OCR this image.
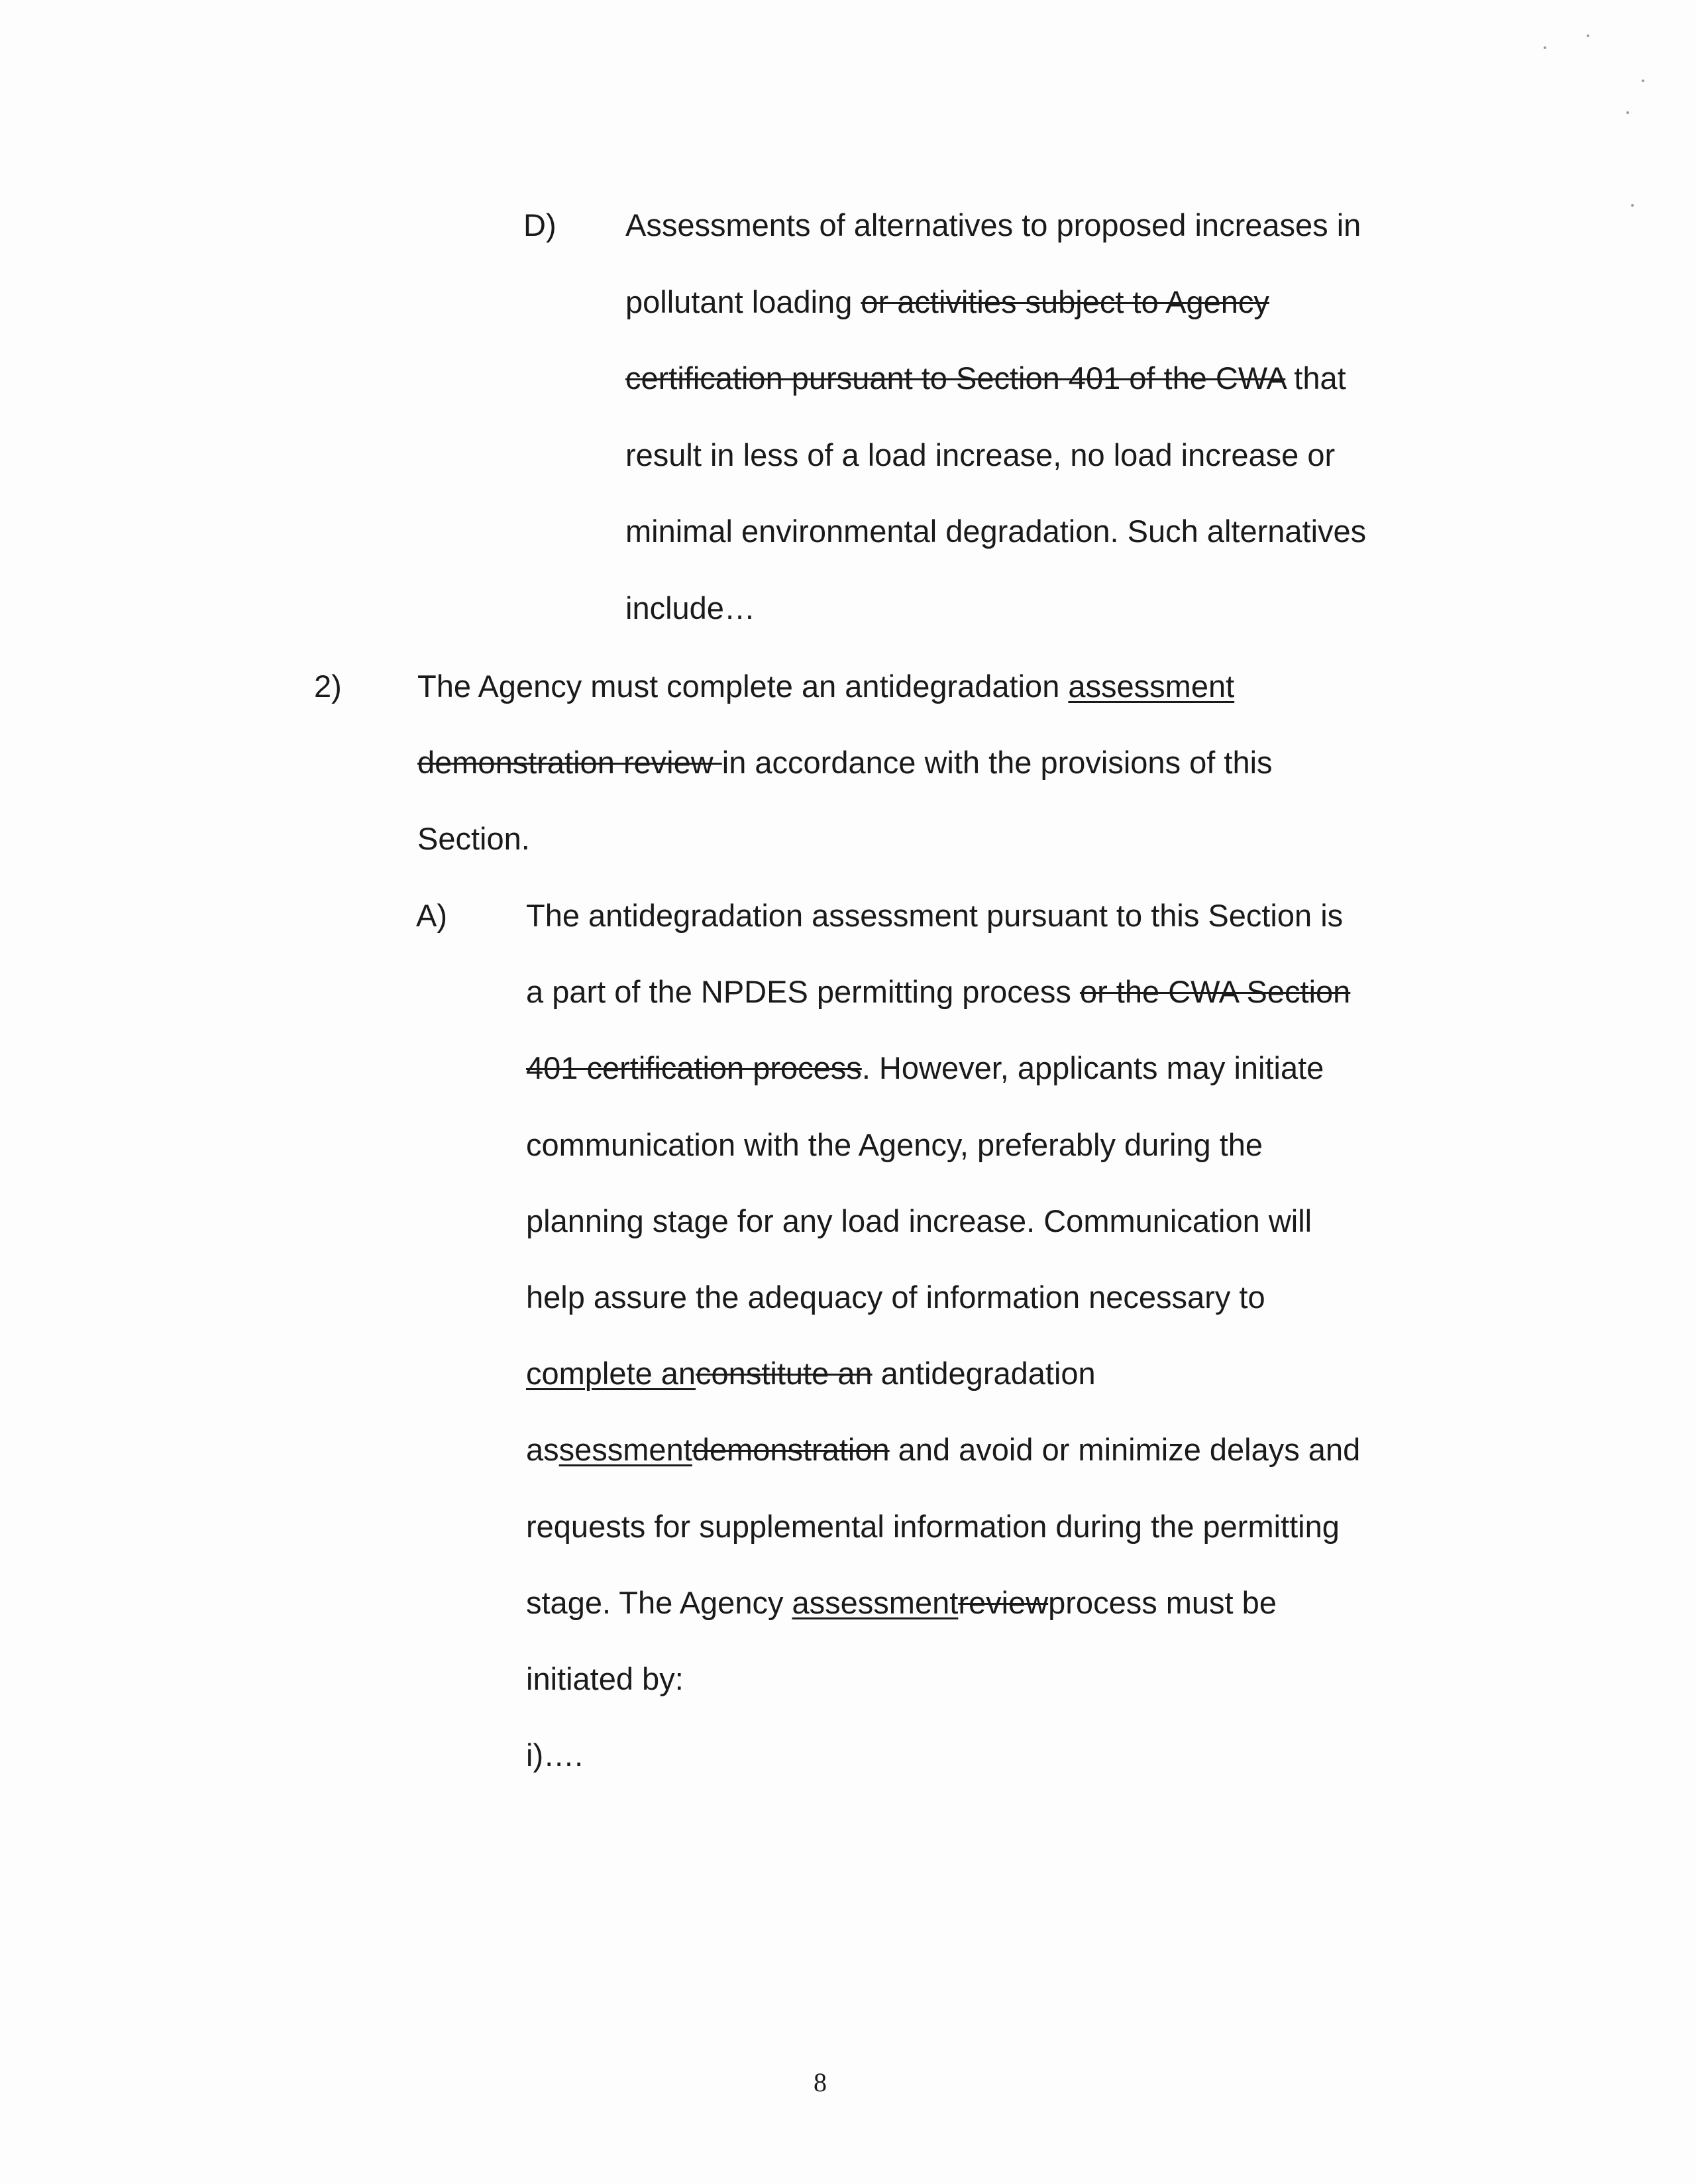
D) Assessments of alternatives to proposed increases in
pollutant loading or activities subject to Agency
certification pursuant to Section 401 of the CWA that
result in less of a load increase, no load increase or
minimal environmental degradation. Such alternatives
include…
2) The Agency must complete an antidegradation assessment
demonstration review in accordance with the provisions of this
Section.
A)	The antidegradation assessment pursuant to this Section is
a part of the NPDES permitting process or the CWA Section
401 certification process. However, applicants may initiate
communication with the Agency, preferably during the
planning stage for any load increase. Communication will
help assure the adequacy of information necessary to
complete anconstitute an antidegradation
assessmentdemonstration and avoid or minimize delays and
requests for supplemental information during the permitting
stage. The Agency assessmentreviewprocess must be
initiated by:
i)….
8
